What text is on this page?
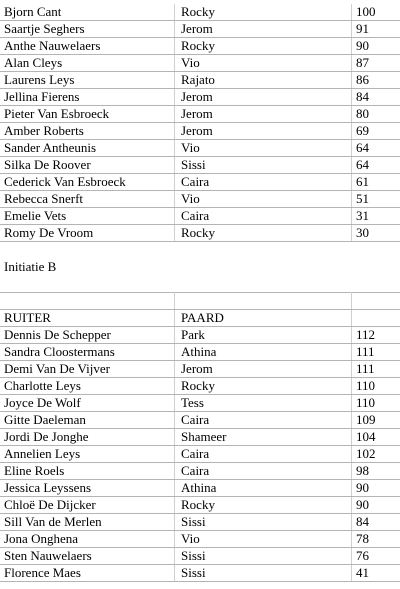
Bjorn Cant	Rocky	100
Saartje Seghers	Jerom	91
Anthe Nauwelaers	Rocky	90
Alan Cleys	Vio	87
Laurens Leys	Rajato	86
Jellina Fierens	Jerom	84
Pieter Van Esbroeck	Jerom	80
Amber Roberts	Jerom	69
Sander Antheunis	Vio	64
Silka De Roover	Sissi	64
Cederick Van Esbroeck	Caira	61
Rebecca Snerft	Vio	51
Emelie Vets	Caira	31
Romy De Vroom	Rocky	30
Initiatie B

RUITER	PAARD	
Dennis De Schepper	Park	112
Sandra Cloostermans	Athina	111
Demi Van De Vijver	Jerom	111
Charlotte Leys	Rocky	110
Joyce De Wolf	Tess	110
Gitte Daeleman	Caira	109
Jordi De Jonghe	Shameer	104
Annelien Leys	Caira	102
Eline Roels	Caira	98
Jessica Leyssens	Athina	90
Chloë De Dijcker	Rocky	90
Sill Van de Merlen	Sissi	84
Jona Onghena	Vio	78
Sten Nauwelaers	Sissi	76
Florence Maes	Sissi	41
